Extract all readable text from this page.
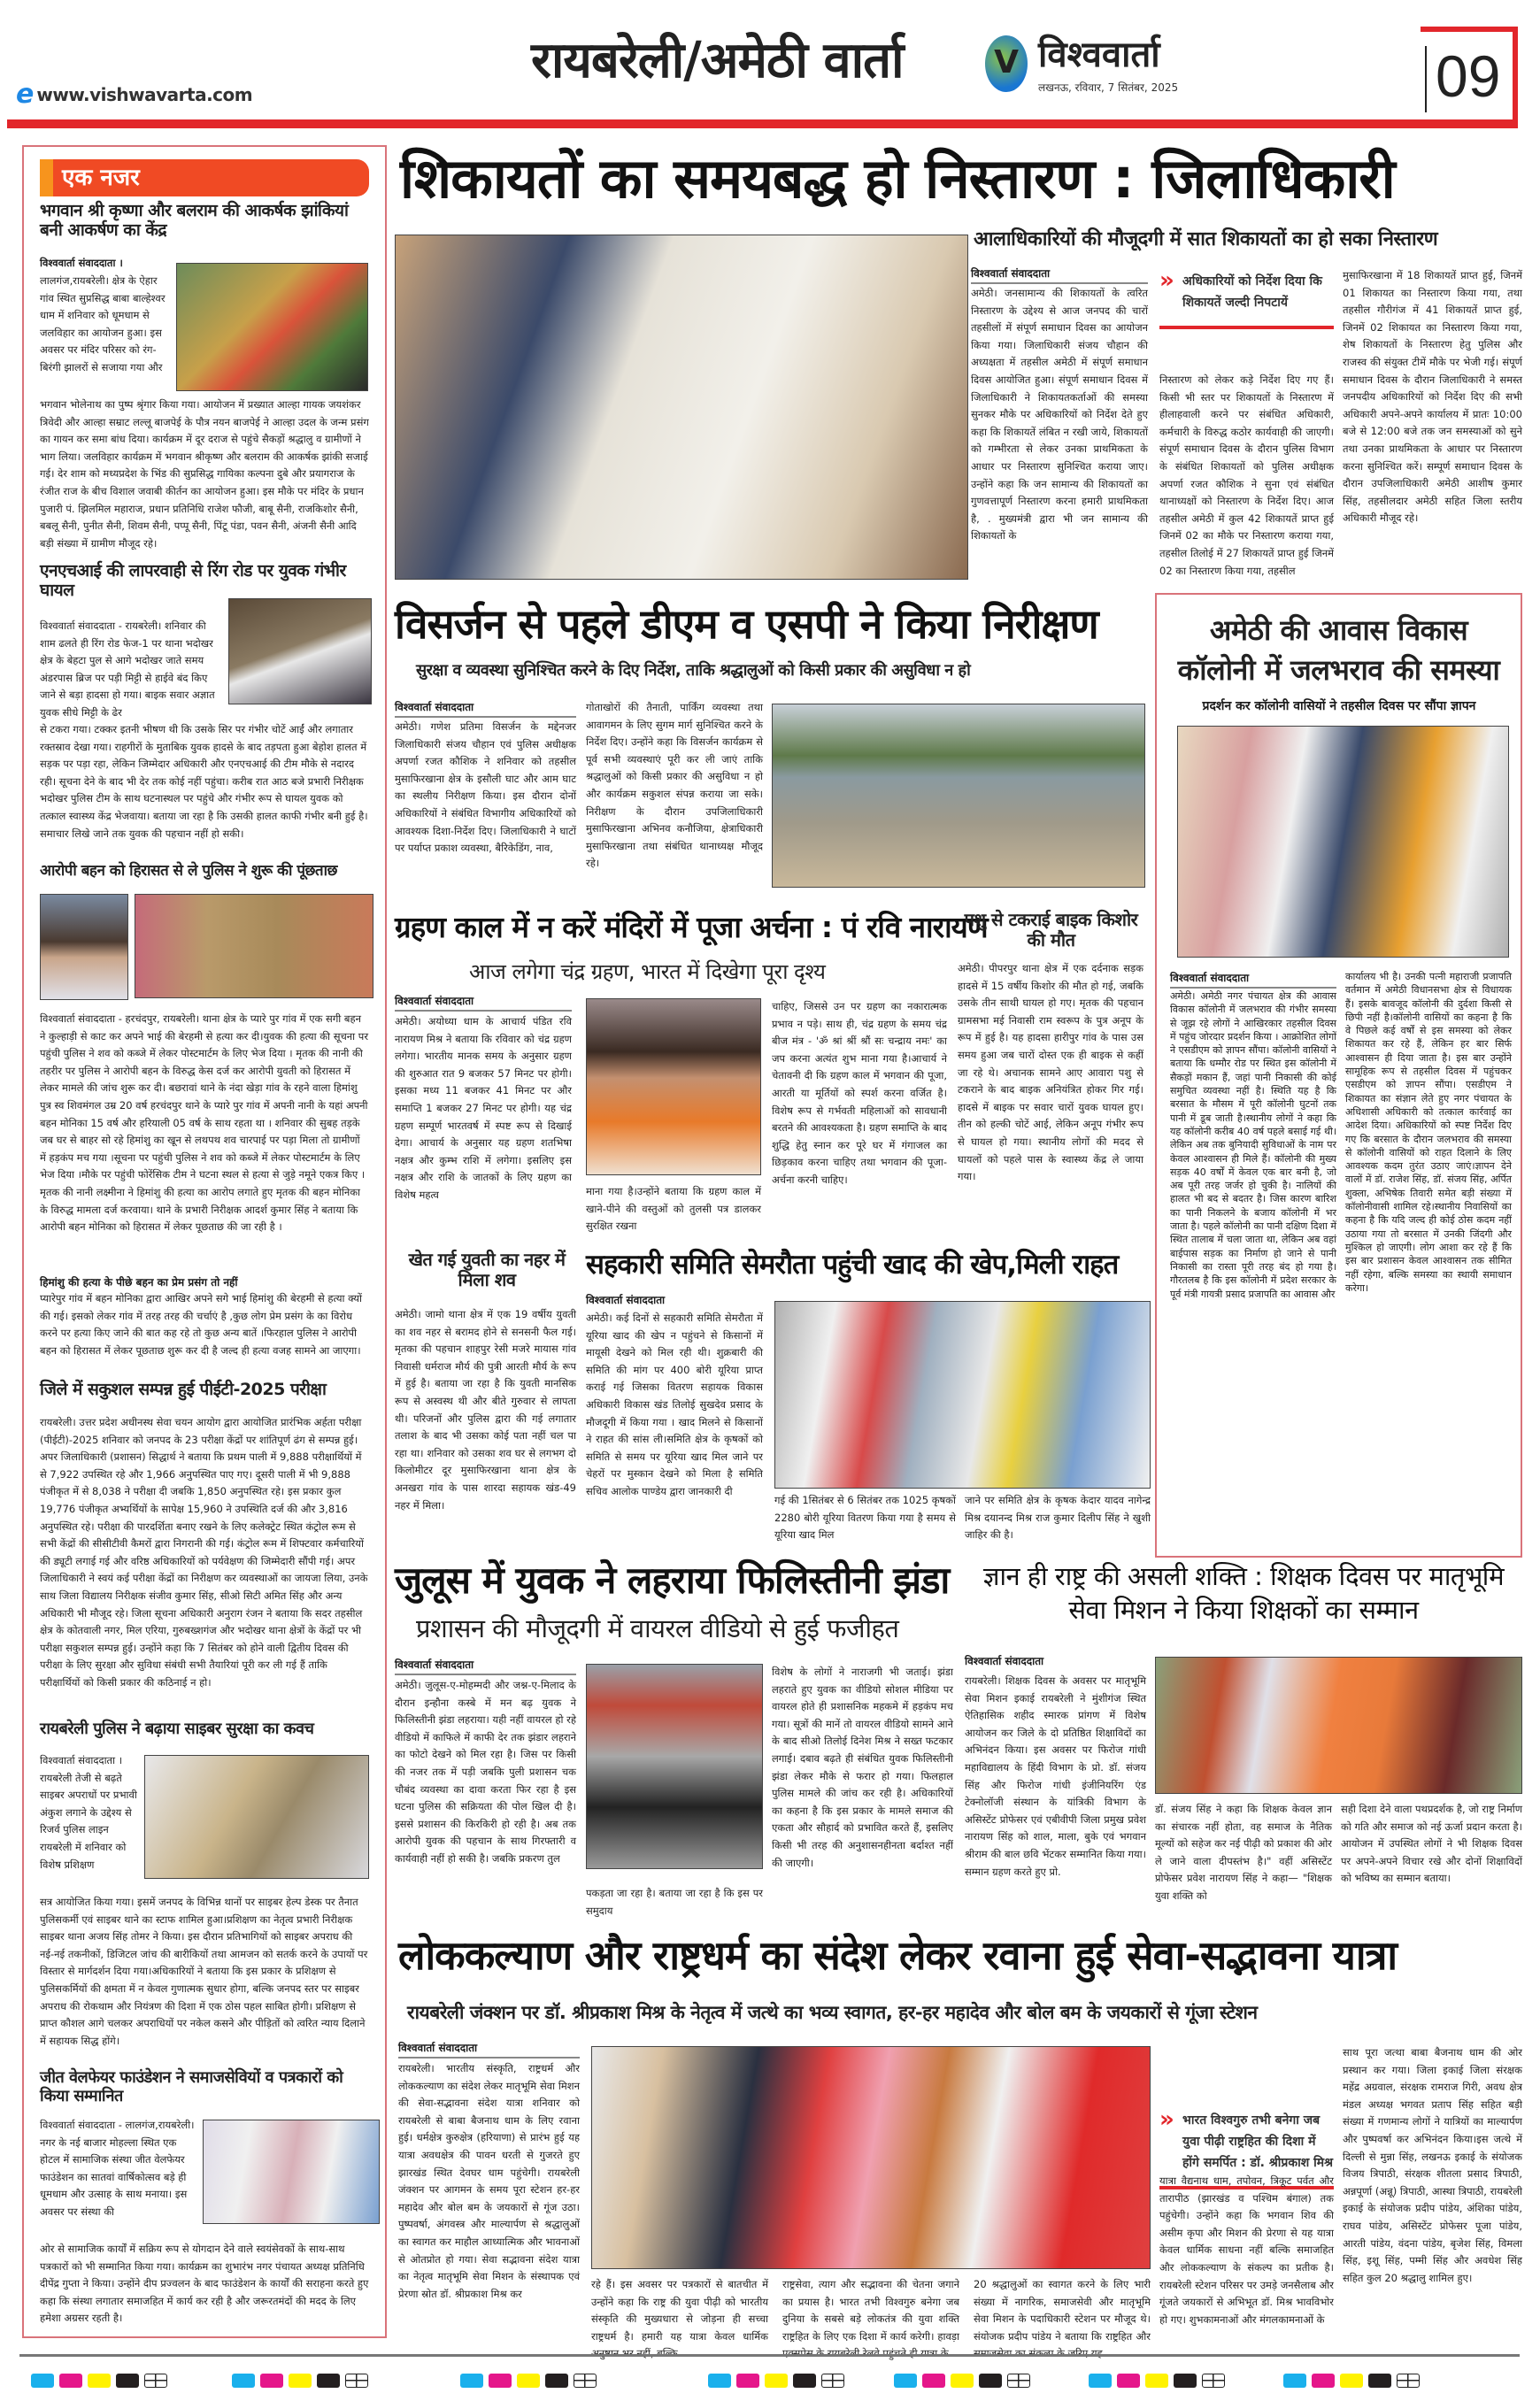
e www.vishwavarta.com
रायबरेली/अमेठी वार्ता	V विश्ववार्ता
लखनऊ, रविवार, 7 सितंबर, 2025	09
एक नजर
भगवान श्री कृष्णा और बलराम की आकर्षक झांकियां बनी आकर्षण का केंद्र
विश्ववार्ता संवाददाता ।
लालगंज,रायबरेली। क्षेत्र के ऐहार गांव स्थित सुप्रसिद्ध बाबा बाल्हेश्वर धाम में शनिवार को धूमधाम से जलविहार का आयोजन हुआ। इस अवसर पर मंदिर परिसर को रंग-बिरंगी झालरों से सजाया गया और
भगवान भोलेनाथ का पुष्प श्रृंगार किया गया। आयोजन में प्रख्यात आल्हा गायक जयशंकर त्रिवेदी और आल्हा सम्राट लल्लू बाजपेई के पौत्र नयन बाजपेई ने आल्हा उदल के जन्म प्रसंग का गायन कर समा बांध दिया। कार्यक्रम में दूर दराज से पहुंचे सैकड़ों श्रद्धालु व ग्रामीणों ने भाग लिया। जलविहार कार्यक्रम में भगवान श्रीकृष्ण और बलराम की आकर्षक झांकी सजाई गई। देर शाम को मध्यप्रदेश के भिंड की सुप्रसिद्ध गायिका कल्पना दुबे और प्रयागराज के रंजीत राज के बीच विशाल जवाबी कीर्तन का आयोजन हुआ। इस मौके पर मंदिर के प्रधान पुजारी पं. झिलमिल महाराज, प्रधान प्रतिनिधि राजेश फौजी, बाबू सैनी, राजकिशोर सैनी, बबलू सैनी, पुनीत सैनी, शिवम सैनी, पप्पू सैनी, पिंटू पंडा, पवन सैनी, अंजनी सैनी आदि बड़ी संख्या में ग्रामीण मौजूद रहे।
एनएचआई की लापरवाही से रिंग रोड पर युवक गंभीर घायल
विश्ववार्ता संवाददाता - रायबरेली। शनिवार की शाम ढलते ही रिंग रोड फेज-1 पर थाना भदोखर क्षेत्र के बेहटा पुल से आगे भदोखर जाते समय अंडरपास ब्रिज पर पड़ी मिट्टी से हाईवे बंद किए जाने से बड़ा हादसा हो गया। बाइक सवार अज्ञात युवक सीधे मिट्टी के ढेर
से टकरा गया। टक्कर इतनी भीषण थी कि उसके सिर पर गंभीर चोटें आईं और लगातार रक्तस्राव देखा गया। राहगीरों के मुताबिक युवक हादसे के बाद तड़पता हुआ बेहोश हालत में सड़क पर पड़ा रहा, लेकिन जिम्मेदार अधिकारी और एनएचआई की टीम मौके से नदारद रही। सूचना देने के बाद भी देर तक कोई नहीं पहुंचा। करीब रात आठ बजे प्रभारी निरीक्षक भदोखर पुलिस टीम के साथ घटनास्थल पर पहुंचे और गंभीर रूप से घायल युवक को तत्काल स्वास्थ्य केंद्र भेजवाया। बताया जा रहा है कि उसकी हालत काफी गंभीर बनी हुई है। समाचार लिखे जाने तक युवक की पहचान नहीं हो सकी।
आरोपी बहन को हिरासत से ले पुलिस ने शुरू की पूंछताछ
विश्ववार्ता संवाददाता - हरचंदपुर, रायबरेली। थाना क्षेत्र के प्यारे पुर गांव में एक सगी बहन ने कुल्हाड़ी से काट कर अपने भाई की बेरहमी से हत्या कर दी।युवक की हत्या की सूचना पर पहुंची पुलिस ने शव को कब्जे में लेकर पोस्टमार्टम के लिए भेज दिया । मृतक की नानी की तहरीर पर पुलिस ने आरोपी बहन के विरुद्ध केस दर्ज कर आरोपी युवती को हिरासत में लेकर मामले की जांच शुरू कर दी। बछरावां थाने के नंदा खेड़ा गांव के रहने वाला हिमांशु पुत्र स्व शिवमंगल उम्र 20 वर्ष हरचंदपुर थाने के प्यारे पुर गांव में अपनी नानी के यहां अपनी बहन मोनिका 15 वर्ष और हरियाली 05 वर्ष के साथ रहता था । शनिवार की सुबह तड़के जब घर से बाहर सो रहे हिमांशु का खून से लथपथ शव चारपाई पर पड़ा मिला तो ग्रामीणों में हड़कंप मच गया ।सूचना पर पहुंची पुलिस ने शव को कब्जे में लेकर पोस्टमार्टम के लिए भेज दिया ।मौके पर पहुंची फोरेंसिक टीम ने घटना स्थल से हत्या से जुड़े नमूने एकत्र किए ।मृतक की नानी लक्ष्मीना ने हिमांशु की हत्या का आरोप लगाते हुए मृतक की बहन मोनिका के विरुद्ध मामला दर्ज करवाया। थाने के प्रभारी निरीक्षक आदर्श कुमार सिंह ने बताया कि आरोपी बहन मोनिका को हिरासत में लेकर पूछताछ की जा रही है ।
हिमांशु की हत्या के पीछे बहन का प्रेम प्रसंग तो नहीं
प्यारेपुर गांव में बहन मोनिका द्वारा आखिर अपने सगे भाई हिमांशु की बेरहमी से हत्या क्यों की गई। इसको लेकर गांव में तरह तरह की चर्चाएं है ,कुछ लोग प्रेम प्रसंग के का विरोध करने पर हत्या किए जाने की बात कह रहे तो कुछ अन्य बातें ।फिरहाल पुलिस ने आरोपी बहन को हिरासत में लेकर पूछताछ शुरू कर दी है जल्द ही हत्या वजह सामने आ जाएगा।
जिले में सकुशल सम्पन्न हुई पीईटी-2025 परीक्षा
रायबरेली। उत्तर प्रदेश अधीनस्थ सेवा चयन आयोग द्वारा आयोजित प्रारंभिक अर्हता परीक्षा (पीईटी)-2025 शनिवार को जनपद के 23 परीक्षा केंद्रों पर शांतिपूर्ण ढंग से सम्पन्न हुई। अपर जिलाधिकारी (प्रशासन) सिद्धार्थ ने बताया कि प्रथम पाली में 9,888 परीक्षार्थियों में से 7,922 उपस्थित रहे और 1,966 अनुपस्थित पाए गए। दूसरी पाली में भी 9,888 पंजीकृत में से 8,038 ने परीक्षा दी जबकि 1,850 अनुपस्थित रहे। इस प्रकार कुल 19,776 पंजीकृत अभ्यर्थियों के सापेक्ष 15,960 ने उपस्थिति दर्ज की और 3,816 अनुपस्थित रहे। परीक्षा की पारदर्शिता बनाए रखने के लिए कलेक्ट्रेट स्थित कंट्रोल रूम से सभी केंद्रों की सीसीटीवी कैमरों द्वारा निगरानी की गई। कंट्रोल रूम में शिफ्टवार कर्मचारियों की ड्यूटी लगाई गई और वरिष्ठ अधिकारियों को पर्यवेक्षण की जिम्मेदारी सौंपी गई। अपर जिलाधिकारी ने स्वयं कई परीक्षा केंद्रों का निरीक्षण कर व्यवस्थाओं का जायजा लिया, उनके साथ जिला विद्यालय निरीक्षक संजीव कुमार सिंह, सीओ सिटी अमित सिंह और अन्य अधिकारी भी मौजूद रहे। जिला सूचना अधिकारी अनुराग रंजन ने बताया कि सदर तहसील क्षेत्र के कोतवाली नगर, मिल एरिया, गुरुबख्शगंज और भदोखर थाना क्षेत्रों के केंद्रों पर भी परीक्षा सकुशल सम्पन्न हुई। उन्होंने कहा कि 7 सितंबर को होने वाली द्वितीय दिवस की परीक्षा के लिए सुरक्षा और सुविधा संबंधी सभी तैयारियां पूरी कर ली गई हैं ताकि परीक्षार्थियों को किसी प्रकार की कठिनाई न हो।
रायबरेली पुलिस ने बढ़ाया साइबर सुरक्षा का कवच
विश्ववार्ता संवाददाता । रायबरेली तेजी से बढ़ते साइबर अपराधों पर प्रभावी अंकुश लगाने के उद्देश्य से रिजर्व पुलिस लाइन रायबरेली में शनिवार को विशेष प्रशिक्षण
सत्र आयोजित किया गया। इसमें जनपद के विभिन्न थानों पर साइबर हेल्प डेस्क पर तैनात पुलिसकर्मी एवं साइबर थाने का स्टाफ शामिल हुआ।प्रशिक्षण का नेतृत्व प्रभारी निरीक्षक साइबर थाना अजय सिंह तोमर ने किया। इस दौरान प्रतिभागियों को साइबर अपराध की नई-नई तकनीकों, डिजिटल जांच की बारीकियों तथा आमजन को सतर्क करने के उपायों पर विस्तार से मार्गदर्शन दिया गया।अधिकारियों ने बताया कि इस प्रकार के प्रशिक्षण से पुलिसकर्मियों की क्षमता में न केवल गुणात्मक सुधार होगा, बल्कि जनपद स्तर पर साइबर अपराध की रोकथाम और नियंत्रण की दिशा में एक ठोस पहल साबित होगी। प्रशिक्षण से प्राप्त कौशल आगे चलकर अपराधियों पर नकेल कसने और पीड़ितों को त्वरित न्याय दिलाने में सहायक सिद्ध होंगे।
जीत वेलफेयर फाउंडेशन ने समाजसेवियों व पत्रकारों को किया सम्मानित
विश्ववार्ता संवाददाता - लालगंज,रायबरेली।नगर के नई बाजार मोहल्ला स्थित एक होटल में सामाजिक संस्था जीत वेलफेयर फाउंडेशन का सातवां वार्षिकोत्सव बड़े ही धूमधाम और उत्साह के साथ मनाया। इस अवसर पर संस्था की
ओर से सामाजिक कार्यों में सक्रिय रूप से योगदान देने वाले स्वयंसेवकों के साथ-साथ पत्रकारों को भी सम्मानित किया गया। कार्यक्रम का शुभारंभ नगर पंचायत अध्यक्ष प्रतिनिधि दीपेंद्र गुप्ता ने किया। उन्होंने दीप प्रज्वलन के बाद फाउंडेशन के कार्यों की सराहना करते हुए कहा कि संस्था लगातार समाजहित में कार्य कर रही है और जरूरतमंदों की मदद के लिए हमेशा अग्रसर रहती है।
शिकायतों का समयबद्ध हो निस्तारण : जिलाधिकारी
आलाधिकारियों की मौजूदगी में सात शिकायतों का हो सका निस्तारण
विश्ववार्ता संवाददाता
अमेठी। जनसामान्य की शिकायतों के त्वरित निस्तारण के उद्देश्य से आज जनपद की चारों तहसीलों में संपूर्ण समाधान दिवस का आयोजन किया गया। जिलाधिकारी संजय चौहान की अध्यक्षता में तहसील अमेठी में संपूर्ण समाधान दिवस आयोजित हुआ। संपूर्ण समाधान दिवस में जिलाधिकारी ने शिकायतकर्ताओं की समस्या सुनकर मौके पर अधिकारियों को निर्देश देते हुए कहा कि शिकायतें लंबित न रखी जाये, शिकायतों को गम्भीरता से लेकर उनका प्राथमिकता के आधार पर निस्तारण सुनिश्चित कराया जाए। उन्होंने कहा कि जन सामान्य की शिकायतों का गुणवत्तापूर्ण निस्तारण करना हमारी प्राथमिकता है, . मुख्यमंत्री द्वारा भी जन सामान्य की शिकायतों के
» अधिकारियों को निर्देश दिया कि शिकायतें जल्दी निपटायें
निस्तारण को लेकर कड़े निर्देश दिए गए हैं। किसी भी स्तर पर शिकायतों के निस्तारण में हीलाहवाली करने पर संबंधित अधिकारी, कर्मचारी के विरुद्ध कठोर कार्यवाही की जाएगी। संपूर्ण समाधान दिवस के दौरान पुलिस विभाग के संबंधित शिकायतों को पुलिस अधीक्षक अपर्णा रजत कौशिक ने सुना एवं संबंधित थानाध्यक्षों को निस्तारण के निर्देश दिए। आज तहसील अमेठी में कुल 42 शिकायतें प्राप्त हुई जिनमें 02 का मौके पर निस्तारण कराया गया, तहसील तिलोई में 27 शिकायतें प्राप्त हुई जिनमें 02 का निस्तारण किया गया, तहसील
मुसाफिरखाना में 18 शिकायतें प्राप्त हुई, जिनमें 01 शिकायत का निस्तारण किया गया, तथा तहसील गौरीगंज में 41 शिकायतें प्राप्त हुई, जिनमें 02 शिकायत का निस्तारण किया गया, शेष शिकायतों के निस्तारण हेतु पुलिस और राजस्व की संयुक्त टीमें मौके पर भेजी गई। संपूर्ण समाधान दिवस के दौरान जिलाधिकारी ने समस्त जनपदीय अधिकारियों को निर्देश दिए की सभी अधिकारी अपने-अपने कार्यालय में प्रातः 10:00 बजे से 12:00 बजे तक जन समस्याओं को सुने तथा उनका प्राथमिकता के आधार पर निस्तारण करना सुनिश्चित करें। सम्पूर्ण समाधान दिवस के दौरान उपजिलाधिकारी अमेठी आशीष कुमार सिंह, तहसीलदार अमेठी सहित जिला स्तरीय अधिकारी मौजूद रहे।
विसर्जन से पहले डीएम व एसपी ने किया निरीक्षण
सुरक्षा व व्यवस्था सुनिश्चित करने के दिए निर्देश, ताकि श्रद्धालुओं को किसी प्रकार की असुविधा न हो
विश्ववार्ता संवाददाता
अमेठी। गणेश प्रतिमा विसर्जन के मद्देनजर जिलाधिकारी संजय चौहान एवं पुलिस अधीक्षक अपर्णा रजत कौशिक ने शनिवार को तहसील मुसाफिरखाना क्षेत्र के इसौली घाट और आम घाट का स्थलीय निरीक्षण किया। इस दौरान दोनों अधिकारियों ने संबंधित विभागीय अधिकारियों को आवश्यक दिशा-निर्देश दिए। जिलाधिकारी ने घाटों पर पर्याप्त प्रकाश व्यवस्था, बैरिकेडिंग, नाव,
गोताखोरों की तैनाती, पार्किंग व्यवस्था तथा आवागमन के लिए सुगम मार्ग सुनिश्चित करने के निर्देश दिए। उन्होंने कहा कि विसर्जन कार्यक्रम से पूर्व सभी व्यवस्थाएं पूरी कर ली जाएं ताकि श्रद्धालुओं को किसी प्रकार की असुविधा न हो और कार्यक्रम सकुशल संपन्न कराया जा सके। निरीक्षण के दौरान उपजिलाधिकारी मुसाफिरखाना अभिनव कनौजिया, क्षेत्राधिकारी मुसाफिरखाना तथा संबंधित थानाध्यक्ष मौजूद रहे।
अमेठी की आवास विकास कॉलोनी में जलभराव की समस्या
प्रदर्शन कर कॉलोनी वासियों ने तहसील दिवस पर सौंपा ज्ञापन
विश्ववार्ता संवाददाता
अमेठी। अमेठी नगर पंचायत क्षेत्र की आवास विकास कॉलोनी में जलभराव की गंभीर समस्या से जूझ रहे लोगों ने आखिरकार तहसील दिवस में पहुंच जोरदार प्रदर्शन किया । आक्रोशित लोगों ने एसडीएम को ज्ञापन सौंपा। कॉलोनी वासियों ने बताया कि धम्मौर रोड पर स्थित इस कॉलोनी में सैकड़ों मकान हैं, जहां पानी निकासी की कोई समुचित व्यवस्था नहीं है। स्थिति यह है कि बरसात के मौसम में पूरी कॉलोनी घुटनों तक पानी में डूब जाती है।स्थानीय लोगों ने कहा कि यह कॉलोनी करीब 40 वर्ष पहले बसाई गई थी। लेकिन अब तक बुनियादी सुविधाओं के नाम पर केवल आश्वासन ही मिले हैं। कॉलोनी की मुख्य सड़क 40 वर्षों में केवल एक बार बनी है, जो अब पूरी तरह जर्जर हो चुकी है। नालियों की हालत भी बद से बदतर है। जिस कारण बारिश का पानी निकलने के बजाय कॉलोनी में भर जाता है। पहले कॉलोनी का पानी दक्षिण दिशा में स्थित तालाब में चला जाता था, लेकिन अब वहां बाईपास सड़क का निर्माण हो जाने से पानी निकासी का रास्ता पूरी तरह बंद हो गया है।गौरतलब है कि इस कॉलोनी में प्रदेश सरकार के पूर्व मंत्री गायत्री प्रसाद प्रजापति का आवास और
कार्यालय भी है। उनकी पत्नी महाराजी प्रजापति वर्तमान में अमेठी विधानसभा क्षेत्र से विधायक हैं। इसके बावजूद कॉलोनी की दुर्दशा किसी से छिपी नहीं है।कॉलोनी वासियों का कहना है कि वे पिछले कई वर्षों से इस समस्या को लेकर शिकायत कर रहे हैं, लेकिन हर बार सिर्फ आश्वासन ही दिया जाता है। इस बार उन्होंने सामूहिक रूप से तहसील दिवस में पहुंचकर एसडीएम को ज्ञापन सौंपा। एसडीएम ने शिकायत का संज्ञान लेते हुए नगर पंचायत के अधिशासी अधिकारी को तत्काल कार्रवाई का आदेश दिया। अधिकारियों को स्पष्ट निर्देश दिए गए कि बरसात के दौरान जलभराव की समस्या से कॉलोनी वासियों को राहत दिलाने के लिए आवश्यक कदम तुरंत उठाए जाएं।ज्ञापन देने वालों में डॉ. राजेश सिंह, डॉ. संजय सिंह, अर्पित शुक्ला, अभिषेक तिवारी समेत बड़ी संख्या में कॉलोनीवासी शामिल रहे।स्थानीय निवासियों का कहना है कि यदि जल्द ही कोई ठोस कदम नहीं उठाया गया तो बरसात में उनकी जिंदगी और मुश्किल हो जाएगी। लोग आशा कर रहे हैं कि इस बार प्रशासन केवल आश्वासन तक सीमित नहीं रहेगा, बल्कि समस्या का स्थायी समाधान करेगा।
ग्रहण काल में न करें मंदिरों में पूजा अर्चना : पं रवि नारायण
आज लगेगा चंद्र ग्रहण, भारत में दिखेगा पूरा दृश्य
विश्ववार्ता संवाददाता
अमेठी। अयोध्या धाम के आचार्य पंडित रवि नारायण मिश्र ने बताया कि रविवार को चंद्र ग्रहण लगेगा। भारतीय मानक समय के अनुसार ग्रहण की शुरुआत रात 9 बजकर 57 मिनट पर होगी। इसका मध्य 11 बजकर 41 मिनट पर और समाप्ति 1 बजकर 27 मिनट पर होगी। यह चंद्र ग्रहण सम्पूर्ण भारतवर्ष में स्पष्ट रूप से दिखाई देगा। आचार्य के अनुसार यह ग्रहण शतभिषा नक्षत्र और कुम्भ राशि में लगेगा। इसलिए इस नक्षत्र और राशि के जातकों के लिए ग्रहण का विशेष महत्व	माना गया है।उन्होंने बताया कि ग्रहण काल में खाने-पीने की वस्तुओं को तुलसी पत्र डालकर सुरक्षित रखना
चाहिए, जिससे उन पर ग्रहण का नकारात्मक प्रभाव न पड़े। साथ ही, चंद्र ग्रहण के समय चंद्र बीज मंत्र - 'ॐ श्रां श्रीं श्रौं सः चन्द्राय नमः' का जप करना अत्यंत शुभ माना गया है।आचार्य ने चेतावनी दी कि ग्रहण काल में भगवान की पूजा, आरती या मूर्तियों को स्पर्श करना वर्जित है। विशेष रूप से गर्भवती महिलाओं को सावधानी बरतने की आवश्यकता है। ग्रहण समाप्ति के बाद शुद्धि हेतु स्नान कर पूरे घर में गंगाजल का छिड़काव करना चाहिए तथा भगवान की पूजा-अर्चना करनी चाहिए।
पशु से टकराई बाइक किशोर की मौत
अमेठी। पीपरपुर थाना क्षेत्र में एक दर्दनाक सड़क हादसे में 15 वर्षीय किशोर की मौत हो गई, जबकि उसके तीन साथी घायल हो गए। मृतक की पहचान ग्रामसभा मई निवासी राम स्वरूप के पुत्र अनूप के रूप में हुई है। यह हादसा हारीपुर गांव के पास उस समय हुआ जब चारों दोस्त एक ही बाइक से कहीं जा रहे थे। अचानक सामने आए आवारा पशु से टकराने के बाद बाइक अनियंत्रित होकर गिर गई।हादसे में बाइक पर सवार चारों युवक घायल हुए। तीन को हल्की चोटें आई, लेकिन अनूप गंभीर रूप से घायल हो गया। स्थानीय लोगों की मदद से घायलों को पहले पास के स्वास्थ्य केंद्र ले जाया गया।
खेत गई युवती का नहर में मिला शव
अमेठी। जामो थाना क्षेत्र में एक 19 वर्षीय युवती का शव नहर से बरामद होने से सनसनी फैल गई। मृतका की पहचान शाहपुर रेसी मजरे मायास गांव निवासी धर्मराज मौर्य की पुत्री आरती मौर्य के रूप में हुई है। बताया जा रहा है कि युवती मानसिक रूप से अस्वस्थ थी और बीते गुरुवार से लापता थी। परिजनों और पुलिस द्वारा की गई लगातार तलाश के बाद भी उसका कोई पता नहीं चल पा रहा था। शनिवार को उसका शव घर से लगभग दो किलोमीटर दूर मुसाफिरखाना थाना क्षेत्र के अनखरा गांव के पास शारदा सहायक खंड-49 नहर में मिला।
सहकारी समिति सेमरौता पहुंची खाद की खेप,मिली राहत
विश्ववार्ता संवाददाता
अमेठी। कई दिनों से सहकारी समिति सेमरौता में यूरिया खाद की खेप न पहुंचने से किसानों में मायूसी देखने को मिल रही थी। शुक्रबारी की समिति की मांग पर 400 बोरी यूरिया प्राप्त कराई गई जिसका वितरण सहायक विकास अधिकारी विकास खंड तिलोई सुखदेव प्रसाद के मौजदूगी में किया गया । खाद मिलने से किसानों ने राहत की सांस ली।समिति क्षेत्र के कृषकों को समिति से समय पर यूरिया खाद मिल जाने पर चेहरों पर मुस्कान देखने को मिला है समिति सचिव आलोक पाण्डेय द्वारा जानकारी दी
गई की 1सितंबर से 6 सितंबर तक 1025 कृषकों 2280 बोरी यूरिया वितरण किया गया है समय से यूरिया खाद मिल
जाने पर समिति क्षेत्र के कृषक केदार यादव नागेन्द्र मिश्र दयानन्द मिश्र राज कुमार दिलीप सिंह ने खुशी जाहिर की है।
जुलूस में युवक ने लहराया फिलिस्तीनी झंडा
प्रशासन की मौजूदगी में वायरल वीडियो से हुई फजीहत
विश्ववार्ता संवाददाता
अमेठी। जुलूस-ए-मोहम्मदी और जश्न-ए-मिलाद के दौरान इन्हौना कस्बे में मन बढ़ युवक ने फिलिस्तीनी झंडा लहराया। यही नहीं वायरल हो रहे वीडियो में काफिले में काफी देर तक झंडार लहराने का फोटो देखने को मिल रहा है। जिस पर किसी की नजर तक में पड़ी जबकि पुली प्रशासन चक चौबंद व्यवस्था का दावा करता फिर रहा है इस घटना पुलिस की सक्रियता की पोल खिल दी है।इससे प्रशासन की किरकिरी हो रही है। अब तक आरोपी युवक की पहचान के साथ गिरफ्तारी व कार्यवाही नहीं हो सकी है। जबकि प्रकरण तुल
पकड़ता जा रहा है। बताया जा रहा है कि इस पर समुदाय
विशेष के लोगों ने नाराजगी भी जताई। झंडा लहराते हुए युवक का वीडियो सोशल मीडिया पर वायरल होते ही प्रशासनिक महकमे में हड़कंप मच गया। सूत्रों की मानें तो वायरल वीडियो सामने आने के बाद सीओ तिलोई दिनेश मिश्र ने सख्त फटकार लगाई। दबाव बढ़ते ही संबंधित युवक फिलिस्तीनी झंडा लेकर मौके से फरार हो गया। फिलहाल पुलिस मामले की जांच कर रही है। अधिकारियों का कहना है कि इस प्रकार के मामले समाज की एकता और सौहार्द को प्रभावित करते हैं, इसलिए किसी भी तरह की अनुशासनहीनता बर्दाश्त नहीं की जाएगी।
ज्ञान ही राष्ट्र की असली शक्ति : शिक्षक दिवस पर मातृभूमि सेवा मिशन ने किया शिक्षकों का सम्मान
विश्ववार्ता संवाददाता
रायबरेली। शिक्षक दिवस के अवसर पर मातृभूमि सेवा मिशन इकाई रायबरेली ने मुंशीगंज स्थित ऐतिहासिक शहीद स्मारक प्रांगण में विशेष आयोजन कर जिले के दो प्रतिष्ठित शिक्षाविदों का अभिनंदन किया। इस अवसर पर फिरोज गांधी महाविद्यालय के हिंदी विभाग के प्रो. डॉ. संजय सिंह और फिरोज गांधी इंजीनियरिंग एंड टेक्नोलॉजी संस्थान के यांत्रिकी विभाग के असिस्टेंट प्रोफेसर एवं एबीवीपी जिला प्रमुख प्रवेश नारायण सिंह को शाल, माला, बुके एवं भगवान श्रीराम की बाल छवि भेंटकर सम्मानित किया गया। सम्मान ग्रहण करते हुए प्रो.
डॉ. संजय सिंह ने कहा कि शिक्षक केवल ज्ञान का संचारक नहीं होता, वह समाज के नैतिक मूल्यों को सहेज कर नई पीढ़ी को प्रकाश की ओर ले जाने वाला दीपस्तंभ है।" वहीं असिस्टेंट प्रोफेसर प्रवेश नारायण सिंह ने कहा— "शिक्षक युवा शक्ति को
सही दिशा देने वाला पथप्रदर्शक है, जो राष्ट्र निर्माण को गति और समाज को नई ऊर्जा प्रदान करता है। आयोजन में उपस्थित लोगों ने भी शिक्षक दिवस पर अपने-अपने विचार रखे और दोनों शिक्षाविदों को भविष्य का सम्मान बताया।
लोककल्याण और राष्ट्रधर्म का संदेश लेकर रवाना हुई सेवा-सद्भावना यात्रा
रायबरेली जंक्शन पर डॉ. श्रीप्रकाश मिश्र के नेतृत्व में जत्थे का भव्य स्वागत, हर-हर महादेव और बोल बम के जयकारों से गूंजा स्टेशन
विश्ववार्ता संवाददाता
रायबरेली। भारतीय संस्कृति, राष्ट्रधर्म और लोककल्याण का संदेश लेकर मातृभूमि सेवा मिशन की सेवा-सद्भावना संदेश यात्रा शनिवार को रायबरेली से बाबा बैजनाथ धाम के लिए रवाना हुई। धर्मक्षेत्र कुरुक्षेत्र (हरियाणा) से प्रारंभ हुई यह यात्रा अवधक्षेत्र की पावन धरती से गुजरते हुए झारखंड स्थित देवघर धाम पहुंचेगी। रायबरेली जंक्शन पर आगमन के समय पूरा स्टेशन हर-हर महादेव और बोल बम के जयकारों से गूंज उठा। पुष्पवर्षा, अंगवस्त्र और माल्यार्पण से श्रद्धालुओं का स्वागत कर माहौल आध्यात्मिक और भावनाओं से ओतप्रोत हो गया। सेवा सद्भावना संदेश यात्रा का नेतृत्व मातृभूमि सेवा मिशन के संस्थापक एवं प्रेरणा स्रोत डॉ. श्रीप्रकाश मिश्र कर
रहे हैं। इस अवसर पर पत्रकारों से बातचीत में उन्होंने कहा कि राष्ट्र की युवा पीढ़ी को भारतीय संस्कृति की मुख्यधारा से जोड़ना ही सच्चा राष्ट्रधर्म है। हमारी यह यात्रा केवल धार्मिक
राष्ट्रसेवा, त्याग और सद्भावना की चेतना जगाने का प्रयास है। भारत तभी विश्वगुरु बनेगा जब दुनिया के सबसे बड़े लोकतंत्र की युवा शक्ति राष्ट्रहित के लिए एक दिशा में कार्य करेगी। हावड़ा
20 श्रद्धालुओं का स्वागत करने के लिए भारी संख्या में नागरिक, समाजसेवी और मातृभूमि सेवा मिशन के पदाधिकारी स्टेशन पर मौजूद थे। संयोजक प्रदीप पांडेय ने बताया कि राष्ट्रहित और
» भारत विश्वगुरु तभी बनेगा जब युवा पीढ़ी राष्ट्रहित की दिशा में होंगे समर्पित : डॉ. श्रीप्रकाश मिश्र
यात्रा वैद्यनाथ धाम, तपोवन, त्रिकूट पर्वत और तारापीठ (झारखंड व पश्चिम बंगाल) तक पहुंचेगी। उन्होंने कहा कि भगवान शिव की असीम कृपा और मिशन की प्रेरणा से यह यात्रा केवल धार्मिक साधना नहीं बल्कि समाजहित और लोककल्याण के संकल्प का प्रतीक है। रायबरेली स्टेशन परिसर पर उमड़े जनसैलाब और गूंजते जयकारों से अभिभूत डॉ. मिश्र भावविभोर हो गए। शुभकामनाओं और मंगलकामनाओं के
साथ पूरा जत्था बाबा बैजनाथ धाम की ओर प्रस्थान कर गया। जिला इकाई जिला संरक्षक महेंद्र अग्रवाल, संरक्षक रामराज गिरी, अवध क्षेत्र मंडल अध्यक्ष भगवत प्रताप सिंह सहित बड़ी संख्या में गणमान्य लोगों ने यात्रियों का माल्यार्पण और पुष्पवर्षा कर अभिनंदन किया।इस जत्थे में दिल्ली से मुन्ना सिंह, लखनऊ इकाई के संयोजक विजय त्रिपाठी, संरक्षक शीतला प्रसाद त्रिपाठी, अन्नपूर्णा (अन्नू) त्रिपाठी, आस्था त्रिपाठी, रायबरेली इकाई के संयोजक प्रदीप पांडेय, अंशिका पांडेय, राघव पांडेय, असिस्टेंट प्रोफेसर पूजा पांडेय, आरती पांडेय, वंदना पांडेय, बृजेश सिंह, विमला सिंह, इशू सिंह, पम्मी सिंह और अवधेश सिंह सहित कुल 20 श्रद्धालु शामिल हुए।
